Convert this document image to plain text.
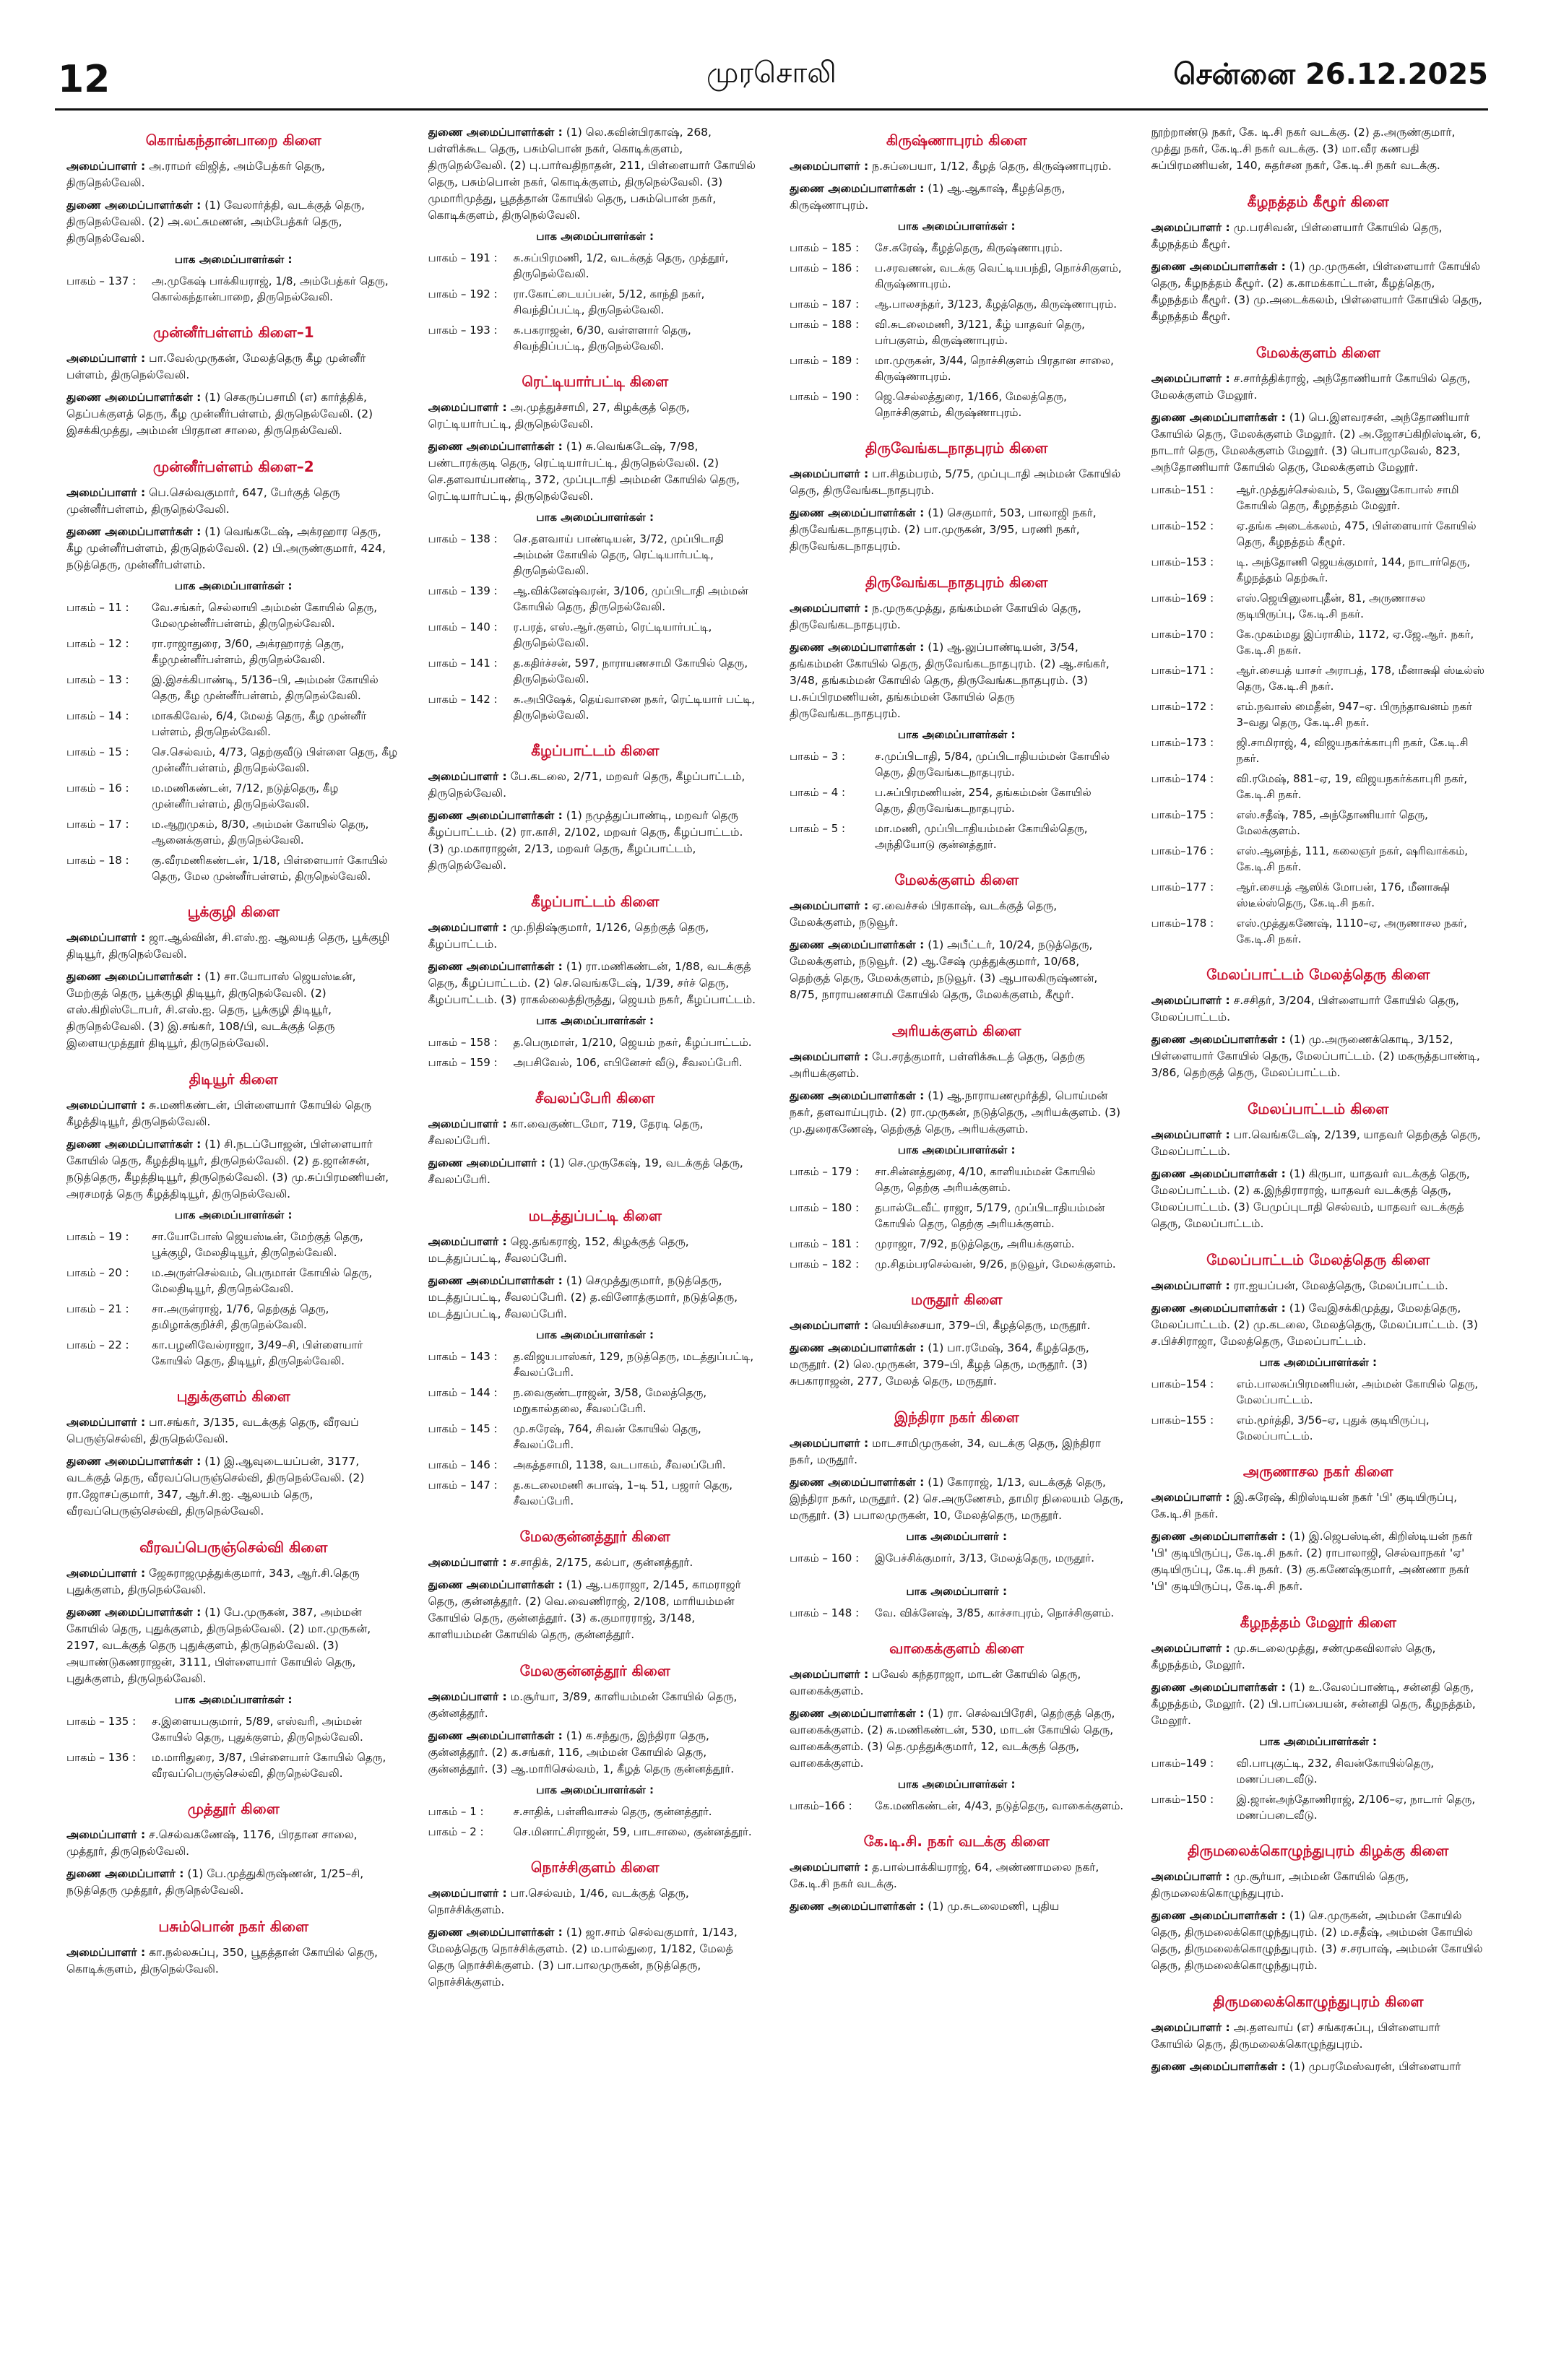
12	முரசொலி	சென்னை 26.12.2025
கொங்கந்தான்பாறை கிளை
அமைப்பாளர் : அ.ராமர் விஜித், அம்பேத்கர் தெரு, திருநெல்வேலி.
துணை அமைப்பாளர்கள் : (1) வேலார்த்தி, வடக்குத் தெரு, திருநெல்வேலி. (2) அ.லட்சுமணன், அம்பேத்கர் தெரு, திருநெல்வேலி.
பாக அமைப்பாளர்கள் :
பாகம் – 137 :	அ.முகேஷ் பாக்கியராஜ், 1/8, அம்பேத்கர் தெரு, கொல்கந்தான்பாறை, திருநெல்வேலி.
முன்னீர்பள்ளம் கிளை–1
அமைப்பாளர் : பா.வேல்முருகன், மேலத்தெரு கீழ முன்னீர் பள்ளம், திருநெல்வேலி.
துணை அமைப்பாளர்கள் : (1) செகருப்பசாமி (எ) கார்த்திக், தெப்பக்குளத் தெரு, கீழ முன்னீர்பள்ளம், திருநெல்வேலி. (2) இசக்கிமுத்து, அம்மன் பிரதான சாலை, திருநெல்வேலி.
முன்னீர்பள்ளம் கிளை–2
அமைப்பாளர் : பெ.செல்வகுமார், 647, பேர்குத் தெரு முன்னீர்பள்ளம், திருநெல்வேலி.
துணை அமைப்பாளர்கள் : (1) வெங்கடேஷ், அக்ரஹார தெரு, கீழ முன்னீர்பள்ளம், திருநெல்வேலி. (2) பி.அருண்குமார், 424, நடுத்தெரு, முன்னீர்பள்ளம்.
பாக அமைப்பாளர்கள் :
பாகம் – 11 :	வே.சங்கர், செல்லாயி அம்மன் கோயில் தெரு, மேலமுன்னீர்பள்ளம், திருநெல்வேலி.
பாகம் – 12 :	ரா.ராஜாதுரை, 3/60, அக்ரஹாரத் தெரு, கீழமுன்னீர்பள்ளம், திருநெல்வேலி.
பாகம் – 13 :	இ.இசக்கிபாண்டி, 5/136–பி, அம்மன் கோயில் தெரு, கீழ முன்னீர்பள்ளம், திருநெல்வேலி.
பாகம் – 14 :	மாசுகிவேல், 6/4, மேலத் தெரு, கீழ முன்னீர் பள்ளம், திருநெல்வேலி.
பாகம் – 15 :	செ.செல்வம், 4/73, தெற்குவீடு பிள்ளை தெரு, கீழ முன்னீர்பள்ளம், திருநெல்வேலி.
பாகம் – 16 :	ம.மணிகண்டன், 7/12, நடுத்தெரு, கீழ முன்னீர்பள்ளம், திருநெல்வேலி.
பாகம் – 17 :	ம.ஆறுமுகம், 8/30, அம்மன் கோயில் தெரு, ஆனைக்குளம், திருநெல்வேலி.
பாகம் – 18 :	கு.வீரமணிகண்டன், 1/18, பிள்ளையார் கோயில் தெரு, மேல முன்னீர்பள்ளம், திருநெல்வேலி.
பூக்குழி கிளை
அமைப்பாளர் : ஜா.ஆல்வின், சி.எஸ்.ஐ. ஆலயத் தெரு, பூக்குழி திடியூர், திருநெல்வேலி.
துணை அமைப்பாளர்கள் : (1) சா.யோபாஸ் ஜெயஸ்டீன், மேற்குத் தெரு, பூக்குழி திடியூர், திருநெல்வேலி. (2) எஸ்.கிறிஸ்டோபர், சி.எஸ்.ஐ. தெரு, பூக்குழி திடியூர், திருநெல்வேலி. (3) இ.சங்கர், 108/பி, வடக்குத் தெரு இளையமுத்தூர் திடியூர், திருநெல்வேலி.
திடியூர் கிளை
அமைப்பாளர் : சு.மணிகண்டன், பிள்ளையார் கோயில் தெரு கீழத்திடியூர், திருநெல்வேலி.
துணை அமைப்பாளர்கள் : (1) சி.நடப்போஜன், பிள்ளையார் கோயில் தெரு, கீழத்திடியூர், திருநெல்வேலி. (2) த.ஜான்சன், நடுத்தெரு, கீழத்திடியூர், திருநெல்வேலி. (3) மு.சுப்பிரமணியன், அரசமரத் தெரு கீழத்திடியூர், திருநெல்வேலி.
பாக அமைப்பாளர்கள் :
பாகம் – 19 :	சா.யோபோஸ் ஜெயஸ்டீன், மேற்குத் தெரு, பூக்குழி, மேலதிடியூர், திருநெல்வேலி.
பாகம் – 20 :	ம.அருள்செல்வம், பெருமாள் கோயில் தெரு, மேலதிடியூர், திருநெல்வேலி.
பாகம் – 21 :	சா.அருள்ராஜ், 1/76, தெற்குத் தெரு, தமிழாக்குறிச்சி, திருநெல்வேலி.
பாகம் – 22 :	கா.பழனிவேல்ராஜா, 3/49–சி, பிள்ளையார் கோயில் தெரு, திடியூர், திருநெல்வேலி.
புதுக்குளம் கிளை
அமைப்பாளர் : பா.சங்கர், 3/135, வடக்குத் தெரு, வீரவப் பெருஞ்செல்வி, திருநெல்வேலி.
துணை அமைப்பாளர்கள் : (1) இ.ஆவுடையப்பன், 3177, வடக்குத் தெரு, வீரவப்பெருஞ்செல்வி, திருநெல்வேலி. (2) ரா.ஜோசப்குமார், 347, ஆர்.சி.ஐ. ஆலயம் தெரு, வீரவப்பெருஞ்செல்வி, திருநெல்வேலி.
வீரவப்பெருஞ்செல்வி கிளை
அமைப்பாளர் : ஜேசுராஜமுத்துக்குமார், 343, ஆர்.சி.தெரு புதுக்குளம், திருநெல்வேலி.
துணை அமைப்பாளர்கள் : (1) பே.முருகன், 387, அம்மன் கோயில் தெரு, புதுக்குளம், திருநெல்வேலி. (2) மா.முருகன், 2197, வடக்குத் தெரு புதுக்குளம், திருநெல்வேலி. (3) அயாண்டுகணராஜன், 3111, பிள்ளையார் கோயில் தெரு, புதுக்குளம், திருநெல்வேலி.
பாக அமைப்பாளர்கள் :
பாகம் – 135 :	ச.இளையபகுமார், 5/89, எஸ்வரி, அம்மன் கோயில் தெரு, புதுக்குளம், திருநெல்வேலி.
பாகம் – 136 :	ம.மாரிதுரை, 3/87, பிள்ளையார் கோயில் தெரு, வீரவப்பெருஞ்செல்வி, திருநெல்வேலி.
முத்தூர் கிளை
அமைப்பாளர் : ச.செல்வகணேஷ், 1176, பிரதான சாலை, முத்தூர், திருநெல்வேலி.
துணை அமைப்பாளர் : (1) பே.முத்துகிருஷ்ணன், 1/25–சி, நடுத்தெரு முத்தூர், திருநெல்வேலி.
பசும்பொன் நகர் கிளை
அமைப்பாளர் : கா.நல்லசுப்பு, 350, பூதத்தான் கோயில் தெரு, கொடிக்குளம், திருநெல்வேலி.
துணை அமைப்பாளர்கள் : (1) லெ.கவின்பிரகாஷ், 268, பள்ளிக்கூட தெரு, பசும்பொன் நகர், கொடிக்குளம், திருநெல்வேலி. (2) பு.பார்வதிநாதன், 211, பிள்ளையார் கோயில் தெரு, பசும்பொன் நகர், கொடிக்குளம், திருநெல்வேலி. (3) முமாரிமுத்து, பூதத்தான் கோயில் தெரு, பசும்பொன் நகர், கொடிக்குளம், திருநெல்வேலி.
பாக அமைப்பாளர்கள் :
பாகம் – 191 :	சு.சுப்பிரமணி, 1/2, வடக்குத் தெரு, முத்தூர், திருநெல்வேலி.
பாகம் – 192 :	ரா.கோட்டையப்பன், 5/12, காந்தி நகர், சிவந்திப்பட்டி, திருநெல்வேலி.
பாகம் – 193 :	சு.பகராஜன், 6/30, வள்ளளார் தெரு, சிவந்திப்பட்டி, திருநெல்வேலி.
ரெட்டியார்பட்டி கிளை
அமைப்பாளர் : அ.முத்துச்சாமி, 27, கிழக்குத் தெரு, ரெட்டியார்பட்டி, திருநெல்வேலி.
துணை அமைப்பாளர்கள் : (1) சு.வெங்கடேஷ், 7/98, பண்டாரக்குடி தெரு, ரெட்டியார்பட்டி, திருநெல்வேலி. (2) செ.தளவாய்பாண்டி, 372, முப்புடாதி அம்மன் கோயில் தெரு, ரெட்டியார்பட்டி, திருநெல்வேலி.
பாக அமைப்பாளர்கள் :
பாகம் – 138 :	செ.தளவாய் பாண்டியன், 3/72, முப்பிடாதி அம்மன் கோயில் தெரு, ரெட்டியார்பட்டி, திருநெல்வேலி.
பாகம் – 139 :	ஆ.விக்னேஷ்வரன், 3/106, முப்பிடாதி அம்மன் கோயில் தெரு, திருநெல்வேலி.
பாகம் – 140 :	ர.பரத், எஸ்.ஆர்.குளம், ரெட்டியார்பட்டி, திருநெல்வேலி.
பாகம் – 141 :	த.கதிர்ச்சன், 597, நாராயணசாமி கோயில் தெரு, திருநெல்வேலி.
பாகம் – 142 :	சு.அபிஷேக், தெய்வானை நகர், ரெட்டியார் பட்டி, திருநெல்வேலி.
கீழப்பாட்டம் கிளை
அமைப்பாளர் : பே.கடலை, 2/71, மறவர் தெரு, கீழப்பாட்டம், திருநெல்வேலி.
துணை அமைப்பாளர்கள் : (1) நமுத்துப்பாண்டி, மறவர் தெரு கீழப்பாட்டம். (2) ரா.காசி, 2/102, மறவர் தெரு, கீழப்பாட்டம். (3) மு.மகாராஜன், 2/13, மறவர் தெரு, கீழப்பாட்டம், திருநெல்வேலி.
கீழப்பாட்டம் கிளை
அமைப்பாளர் : மு.நிதிஷ்குமார், 1/126, தெற்குத் தெரு, கீழப்பாட்டம்.
துணை அமைப்பாளர்கள் : (1) ரா.மணிகண்டன், 1/88, வடக்குத் தெரு, கீழப்பாட்டம். (2) செ.வெங்கடேஷ், 1/39, சர்ச் தெரு, கீழப்பாட்டம். (3) ராகல்லைத்திருத்து, ஜெயம் நகர், கீழப்பாட்டம்.
பாக அமைப்பாளர்கள் :
பாகம் – 158 :	த.பெருமாள், 1/210, ஜெயம் நகர், கீழப்பாட்டம்.
பாகம் – 159 :	அபசிவேல், 106, எபினேசர் வீடு, சீவலப்பேரி.
சீவலப்பேரி கிளை
அமைப்பாளர் : கா.வைகுண்டமோ, 719, தேரடி தெரு, சீவலப்பேரி.
துணை அமைப்பாளர் : (1) செ.முருகேஷ், 19, வடக்குத் தெரு, சீவலப்பேரி.
மடத்துப்பட்டி கிளை
அமைப்பாளர் : ஜெ.தங்கராஜ், 152, கிழக்குத் தெரு, மடத்துப்பட்டி, சீவலப்பேரி.
துணை அமைப்பாளர்கள் : (1) செமுத்துகுமார், நடுத்தெரு, மடத்துப்பட்டி, சீவலப்பேரி. (2) த.வினோத்குமார், நடுத்தெரு, மடத்துப்பட்டி, சீவலப்பேரி.
பாக அமைப்பாளர்கள் :
பாகம் – 143 :	த.விஜயபாஸ்கர், 129, நடுத்தெரு, மடத்துப்பட்டி, சீவலப்பேரி.
பாகம் – 144 :	ந.வைகுண்டராஜன், 3/58, மேலத்தெரு, மறுகால்தலை, சீவலப்பேரி.
பாகம் – 145 :	மு.சுரேஷ், 764, சிவன் கோயில் தெரு, சீவலப்பேரி.
பாகம் – 146 :	அகத்தசாமி, 1138, வடபாகம், சீவலப்பேரி.
பாகம் – 147 :	த.கடலைமணி சுபாஷ், 1–டி 51, பஜார் தெரு, சீவலப்பேரி.
மேலகுன்னத்தூர் கிளை
அமைப்பாளர் : ச.சாதிக், 2/175, கல்பா, குன்னத்தூர்.
துணை அமைப்பாளர்கள் : (1) ஆ.பகராஜா, 2/145, காமராஜர் தெரு, குன்னத்தூர். (2) வெ.வைணிராஜ், 2/108, மாரியம்மன் கோயில் தெரு, குன்னத்தூர். (3) க.குமாரராஜ், 3/148, காளியம்மன் கோயில் தெரு, குன்னத்தூர்.
மேலகுன்னத்தூர் கிளை
அமைப்பாளர் : ம.சூர்யா, 3/89, காளியம்மன் கோயில் தெரு, குன்னத்தூர்.
துணை அமைப்பாளர்கள் : (1) க.சந்துரு, இந்திரா தெரு, குன்னத்தூர். (2) க.சங்கர், 116, அம்மன் கோயில் தெரு, குன்னத்தூர். (3) ஆ.மாரிசெல்வம், 1, கீழத் தெரு குன்னத்தூர்.
பாக அமைப்பாளர்கள் :
பாகம் – 1 :	ச.சாதிக், பள்ளிவாசல் தெரு, குன்னத்தூர்.
பாகம் – 2 :	செ.மினாட்சிராஜன், 59, பாடசாலை, குன்னத்தூர்.
நொச்சிகுளம் கிளை
அமைப்பாளர் : பா.செல்வம், 1/46, வடக்குத் தெரு, நொச்சிக்குளம்.
துணை அமைப்பாளர்கள் : (1) ஜா.சாம் செல்வகுமார், 1/143, மேலத்தெரு நொச்சிக்குளம். (2) ம.பால்துரை, 1/182, மேலத் தெரு நொச்சிக்குளம். (3) பா.பாலமுருகன், நடுத்தெரு, நொச்சிக்குளம்.
கிருஷ்ணாபுரம் கிளை
அமைப்பாளர் : ந.சுப்பையா, 1/12, கீழத் தெரு, கிருஷ்ணாபுரம்.
துணை அமைப்பாளர்கள் : (1) ஆ.ஆகாஷ், கீழத்தெரு, கிருஷ்ணாபுரம்.
பாக அமைப்பாளர்கள் :
பாகம் – 185 :	சே.சுரேஷ், கீழத்தெரு, கிருஷ்ணாபுரம்.
பாகம் – 186 :	ப.சரவணன், வடக்கு வெட்டியபந்தி, நொச்சிகுளம், கிருஷ்ணாபுரம்.
பாகம் – 187 :	ஆ.பாலசந்தர், 3/123, கீழத்தெரு, கிருஷ்ணாபுரம்.
பாகம் – 188 :	வி.சுடலைமணி, 3/121, கீழ் யாதவர் தெரு, பர்பகுளம், கிருஷ்ணாபுரம்.
பாகம் – 189 :	மா.முருகன், 3/44, நொச்சிகுளம் பிரதான சாலை, கிருஷ்ணாபுரம்.
பாகம் – 190 :	ஜெ.செல்லத்துரை, 1/166, மேலத்தெரு, நொச்சிகுளம், கிருஷ்ணாபுரம்.
திருவேங்கடநாதபுரம் கிளை
அமைப்பாளர் : பா.சிதம்பரம், 5/75, முப்புடாதி அம்மன் கோயில் தெரு, திருவேங்கடநாதபுரம்.
துணை அமைப்பாளர்கள் : (1) செகுமார், 503, பாலாஜி நகர், திருவேங்கடநாதபுரம். (2) பா.முருகன், 3/95, பரணி நகர், திருவேங்கடநாதபுரம்.
திருவேங்கடநாதபுரம் கிளை
அமைப்பாளர் : ந.முருகமுத்து, தங்கம்மன் கோயில் தெரு, திருவேங்கடநாதபுரம்.
துணை அமைப்பாளர்கள் : (1) ஆ.லுப்பாண்டியன், 3/54, தங்கம்மன் கோயில் தெரு, திருவேங்கடநாதபுரம். (2) ஆ.சங்கர், 3/48, தங்கம்மன் கோயில் தெரு, திருவேங்கடநாதபுரம். (3) ப.சுப்பிரமணியன், தங்கம்மன் கோயில் தெரு திருவேங்கடநாதபுரம்.
பாக அமைப்பாளர்கள் :
பாகம் – 3 :	ச.முப்பிடாதி, 5/84, முப்பிடாதியம்மன் கோயில் தெரு, திருவேங்கடநாதபுரம்.
பாகம் – 4 :	ப.சுப்பிரமணியன், 254, தங்கம்மன் கோயில் தெரு, திருவேங்கடநாதபுரம்.
பாகம் – 5 :	மா.மணி, முப்பிடாதியம்மன் கோயில்தெரு, அந்தியோடு குன்னத்தூர்.
மேலக்குளம் கிளை
அமைப்பாளர் : ஏ.வைச்சல் பிரகாஷ், வடக்குத் தெரு, மேலக்குளம், நடுவூர்.
துணை அமைப்பாளர்கள் : (1) அபீட்டர், 10/24, நடுத்தெரு, மேலக்குளம், நடுவூர். (2) ஆ.சேஷ் முத்துக்குமார், 10/68, தெற்குத் தெரு, மேலக்குளம், நடுவூர். (3) ஆபாலகிருஷ்ணன், 8/75, நாராயணசாமி கோயில் தெரு, மேலக்குளம், கீழூர்.
அரியக்குளம் கிளை
அமைப்பாளர் : பே.சரத்குமார், பள்ளிக்கூடத் தெரு, தெற்கு அரியக்குளம்.
துணை அமைப்பாளர்கள் : (1) ஆ.நாராயணமூர்த்தி, பொய்மன் நகர், தளவாய்புரம். (2) ரா.முருகன், நடுத்தெரு, அரியக்குளம். (3) மு.துரைகணேஷ், தெற்குத் தெரு, அரியக்குளம்.
பாக அமைப்பாளர்கள் :
பாகம் – 179 :	சா.சின்னத்துரை, 4/10, காளியம்மன் கோயில் தெரு, தெற்கு அரியக்குளம்.
பாகம் – 180 :	தபால்டேவீட் ராஜா, 5/179, முப்பிடாதியம்மன் கோயில் தெரு, தெற்கு அரியக்குளம்.
பாகம் – 181 :	முராஜா, 7/92, நடுத்தெரு, அரியக்குளம்.
பாகம் – 182 :	மு.சிதம்பரசெல்வன், 9/26, நடுவூர், மேலக்குளம்.
மருதூர் கிளை
அமைப்பாளர் : வெயிச்சையா, 379–பி, கீழத்தெரு, மருதூர்.
துணை அமைப்பாளர்கள் : (1) பா.ரமேஷ், 364, கீழத்தெரு, மருதூர். (2) லெ.முருகன், 379–பி, கீழத் தெரு, மருதூர். (3) சுபகாராஜன், 277, மேலத் தெரு, மருதூர்.
இந்திரா நகர் கிளை
அமைப்பாளர் : மாடசாமிமுருகன், 34, வடக்கு தெரு, இந்திரா நகர், மருதூர்.
துணை அமைப்பாளர்கள் : (1) கோராஜ், 1/13, வடக்குத் தெரு, இந்திரா நகர், மருதூர். (2) செ.அருணேசம், தாமிர நிலையம் தெரு, மருதூர். (3) பபாலமுருகன், 10, மேலத்தெரு, மருதூர்.
பாக அமைப்பாளர் :
பாகம் – 160 :	இபேச்சிக்குமார், 3/13, மேலத்தெரு, மருதூர்.
பாக அமைப்பாளர் :
பாகம் – 148 :	வே. விக்னேஷ், 3/85, காச்சாபுரம், நொச்சிகுளம்.
வாகைக்குளம் கிளை
அமைப்பாளர் : பவேல் கந்தராஜா, மாடன் கோயில் தெரு, வாகைக்குளம்.
துணை அமைப்பாளர்கள் : (1) ரா. செல்வபிரேசி, தெற்குத் தெரு, வாகைக்குளம். (2) சு.மணிகண்டன், 530, மாடன் கோயில் தெரு, வாகைக்குளம். (3) தெ.முத்துக்குமார், 12, வடக்குத் தெரு, வாகைக்குளம்.
பாக அமைப்பாளர்கள் :
பாகம்–166 :	கே.மணிகண்டன், 4/43, நடுத்தெரு, வாகைக்குளம்.
கே.டி.சி. நகர் வடக்கு கிளை
அமைப்பாளர் : த.பால்பாக்கியராஜ், 64, அண்ணாமலை நகர், கே.டி.சி நகர் வடக்கு.
துணை அமைப்பாளர்கள் : (1) மு.சுடலைமணி, புதிய
நூற்றாண்டு நகர், கே. டி.சி நகர் வடக்கு. (2) த.அருண்குமார், முத்து நகர், கே.டி.சி நகர் வடக்கு. (3) மா.வீர கணபதி சுப்பிரமணியன், 140, சுதர்சன நகர், கே.டி.சி நகர் வடக்கு.
கீழநத்தம் கீழூர் கிளை
அமைப்பாளர் : மு.பரசிவன், பிள்ளையார் கோயில் தெரு, கீழநத்தம் கீழூர்.
துணை அமைப்பாளர்கள் : (1) மு.முருகன், பிள்ளையார் கோயில் தெரு, கீழநத்தம் கீழூர். (2) க.காமக்காட்டான், கீழத்தெரு, கீழநத்தம் கீழூர். (3) மு.அடைக்கலம், பிள்ளையார் கோயில் தெரு, கீழநத்தம் கீழூர்.
மேலக்குளம் கிளை
அமைப்பாளர் : ச.சார்த்திக்ராஜ், அந்தோணியார் கோயில் தெரு, மேலக்குளம் மேலூர்.
துணை அமைப்பாளர்கள் : (1) பெ.இளவரசன், அந்தோணியார் கோயில் தெரு, மேலக்குளம் மேலூர். (2) அ.ஜோசப்கிறிஸ்டின், 6, நாடார் தெரு, மேலக்குளம் மேலூர். (3) பொபாமுவேல், 823, அந்தோணியார் கோயில் தெரு, மேலக்குளம் மேலூர்.
பாகம்–151 :	ஆர்.முத்துச்செல்வம், 5, வேணுகோபால் சாமி கோயில் தெரு, கீழநத்தம் மேலூர்.
பாகம்–152 :	ஏ.தங்க அடைக்கலம், 475, பிள்ளையார் கோயில் தெரு, கீழநத்தம் கீழூர்.
பாகம்–153 :	டி. அந்தோணி ஜெயக்குமார், 144, நாடார்தெரு, கீழநத்தம் தெற்கூர்.
பாகம்–169 :	எஸ்.ஜெயினுலாபுதீன், 81, அருணாசல குடியிருப்பு, கே.டி.சி நகர்.
பாகம்–170 :	கே.முகம்மது இப்ராகிம், 1172, ஏ.ஜே.ஆர். நகர், கே.டி.சி நகர்.
பாகம்–171 :	ஆர்.சையத் யாசர் அராபத், 178, மீனாக்ஷி ஸ்டீல்ஸ் தெரு, கே.டி.சி நகர்.
பாகம்–172 :	எம்.நவாஸ் மைதீன், 947–ஏ. பிருந்தாவனம் நகர் 3–வது தெரு, கே.டி.சி நகர்.
பாகம்–173 :	ஜி.சாமிராஜ், 4, விஜயநகர்க்காபுரி நகர், கே.டி.சி நகர்.
பாகம்–174 :	வி.ரமேஷ், 881–ஏ, 19, விஜயநகர்க்காபுரி நகர், கே.டி.சி நகர்.
பாகம்–175 :	எஸ்.சதீஷ், 785, அந்தோணியார் தெரு, மேலக்குளம்.
பாகம்–176 :	எஸ்.ஆனந்த், 111, கலைஞர் நகர், ஷரிவாக்கம், கே.டி.சி நகர்.
பாகம்–177 :	ஆர்.சையத் ஆஸிக் மோபன், 176, மீனாக்ஷி ஸ்டீல்ஸ்தெரு, கே.டி.சி நகர்.
பாகம்–178 :	எஸ்.முத்துகணேஷ், 1110–ஏ, அருணாசல நகர், கே.டி.சி நகர்.
மேலப்பாட்டம் மேலத்தெரு கிளை
அமைப்பாளர் : ச.சசிதர், 3/204, பிள்ளையார் கோயில் தெரு, மேலப்பாட்டம்.
துணை அமைப்பாளர்கள் : (1) மு.அருணைக்கொடி, 3/152, பிள்ளையார் கோயில் தெரு, மேலப்பாட்டம். (2) மகருத்தபாண்டி, 3/86, தெற்குத் தெரு, மேலப்பாட்டம்.
மேலப்பாட்டம் கிளை
அமைப்பாளர் : பா.வெங்கடேஷ், 2/139, யாதவர் தெற்குத் தெரு, மேலப்பாட்டம்.
துணை அமைப்பாளர்கள் : (1) கிருபா, யாதவர் வடக்குத் தெரு, மேலப்பாட்டம். (2) க.இந்திராராஜ், யாதவர் வடக்குத் தெரு, மேலப்பாட்டம். (3) பேமுப்புடாதி செல்வம், யாதவர் வடக்குத் தெரு, மேலப்பாட்டம்.
மேலப்பாட்டம் மேலத்தெரு கிளை
அமைப்பாளர் : ரா.ஐயப்பன், மேலத்தெரு, மேலப்பாட்டம்.
துணை அமைப்பாளர்கள் : (1) வேஇசக்கிமுத்து, மேலத்தெரு, மேலப்பாட்டம். (2) மு.கடலை, மேலத்தெரு, மேலப்பாட்டம். (3) ச.பிச்சிராஜா, மேலத்தெரு, மேலப்பாட்டம்.
பாக அமைப்பாளர்கள் :
பாகம்–154 :	எம்.பாலசுப்பிரமணியன், அம்மன் கோயில் தெரு, மேலப்பாட்டம்.
பாகம்–155 :	எம்.மூர்த்தி, 3/56–ஏ, புதுக் குடியிருப்பு, மேலப்பாட்டம்.
அருணாசல நகர் கிளை
அமைப்பாளர் : இ.சுரேஷ், கிறிஸ்டியன் நகர் 'பி' குடியிருப்பு, கே.டி.சி நகர்.
துணை அமைப்பாளர்கள் : (1) இ.ஜெபஸ்டின், கிறிஸ்டியன் நகர் 'பி' குடியிருப்பு, கே.டி.சி நகர். (2) ராபாலாஜி, செல்வாநகர் 'ஏ' குடியிருப்பு, கே.டி.சி நகர். (3) கு.கணேஷ்குமார், அண்ணா நகர் 'பி' குடியிருப்பு, கே.டி.சி நகர்.
கீழநத்தம் மேலூர் கிளை
அமைப்பாளர் : மு.சுடலைமுத்து, சண்முகவிலாஸ் தெரு, கீழநத்தம், மேலூர்.
துணை அமைப்பாளர்கள் : (1) உ.வேலப்பாண்டி, சன்னதி தெரு, கீழநத்தம், மேலூர். (2) பி.பாப்பையன், சன்னதி தெரு, கீழநத்தம், மேலூர்.
பாக அமைப்பாளர்கள் :
பாகம்–149 :	வி.பாபுகுட்டி, 232, சிவன்கோயில்தெரு, மணப்படைவீடு.
பாகம்–150 :	இ.ஜான்அந்தோணிராஜ், 2/106–ஏ, நாடார் தெரு, மணப்படைவீடு.
திருமலைக்கொழுந்துபுரம் கிழக்கு கிளை
அமைப்பாளர் : மு.சூர்யா, அம்மன் கோயில் தெரு, திருமலைக்கொழுந்துபுரம்.
துணை அமைப்பாளர்கள் : (1) செ.முருகன், அம்மன் கோயில் தெரு, திருமலைக்கொழுந்துபுரம். (2) ம.சதீஷ், அம்மன் கோயில் தெரு, திருமலைக்கொழுந்துபுரம். (3) ச.சரபாஷ், அம்மன் கோயில் தெரு, திருமலைக்கொழுந்துபுரம்.
திருமலைக்கொழுந்துபுரம் கிளை
அமைப்பாளர் : அ.தளவாய் (எ) சங்கரசுப்பு, பிள்ளையார் கோயில் தெரு, திருமலைக்கொழுந்துபுரம்.
துணை அமைப்பாளர்கள் : (1) முபரமேஸ்வரன், பிள்ளையார்
